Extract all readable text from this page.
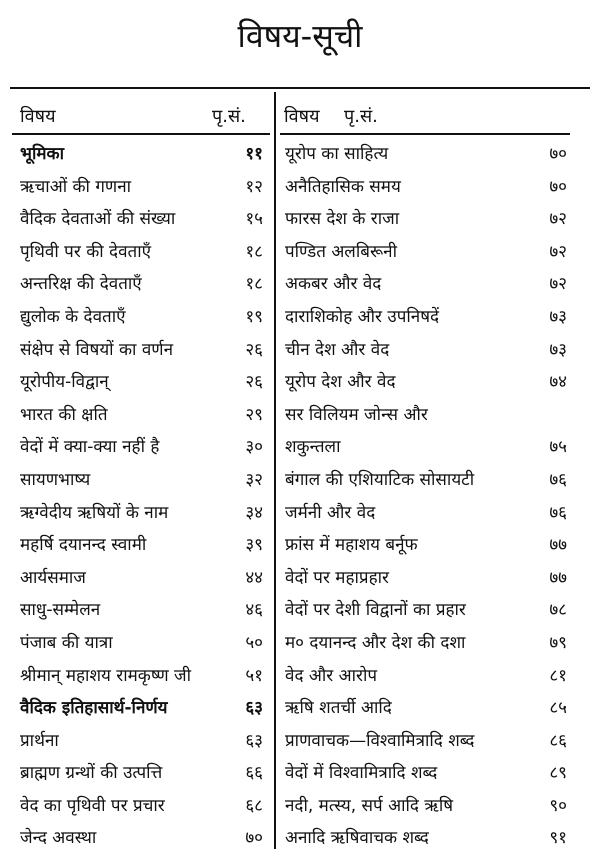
विषय-सूची
विषय	पृ.सं. विषय पृ.सं.
भूमिका	११
ऋचाओं की गणना	१२
वैदिक देवताओं की संख्या	१५
पृथिवी पर की देवताएँ	१८
अन्तरिक्ष की देवताएँ	१८
द्युलोक के देवताएँ	१९
संक्षेप से विषयों का वर्णन	२६
यूरोपीय-विद्वान्	२६
भारत की क्षति	२९
वेदों में क्या-क्या नहीं है	३०
सायणभाष्य	३२
ऋग्वेदीय ऋषियों के नाम	३४
महर्षि दयानन्द स्वामी	३९
आर्यसमाज	४४
साधु-सम्मेलन	४६
पंजाब की यात्रा	५०
श्रीमान् महाशय रामकृष्ण जी	५१
वैदिक इतिहासार्थ-निर्णय	६३
प्रार्थना	६३
ब्राह्मण ग्रन्थों की उत्पत्ति	६६
वेद का पृथिवी पर प्रचार	६८
जेन्द अवस्था	७०
यूरोप का साहित्य	७०
अनैतिहासिक समय	७०
फारस देश के राजा	७२
पण्डित अलबिरूनी	७२
अकबर और वेद	७२
दाराशिकोह और उपनिषदें	७३
चीन देश और वेद	७३
यूरोप देश और वेद	७४
सर विलियम जोन्स और
शकुन्तला	७५
बंगाल की एशियाटिक सोसायटी	७६
जर्मनी और वेद	७६
फ्रांस में महाशय बर्नूफ	७७
वेदों पर महाप्रहार	७७
वेदों पर देशी विद्वानों का प्रहार	७८
म० दयानन्द और देश की दशा	७९
वेद और आरोप	८१
ऋषि शतर्ची आदि	८५
प्राणवाचक—विश्वामित्रादि शब्द	८६
वेदों में विश्वामित्रादि शब्द	८९
नदी, मत्स्य, सर्प आदि ऋषि	९०
अनादि ऋषिवाचक शब्द	९१
